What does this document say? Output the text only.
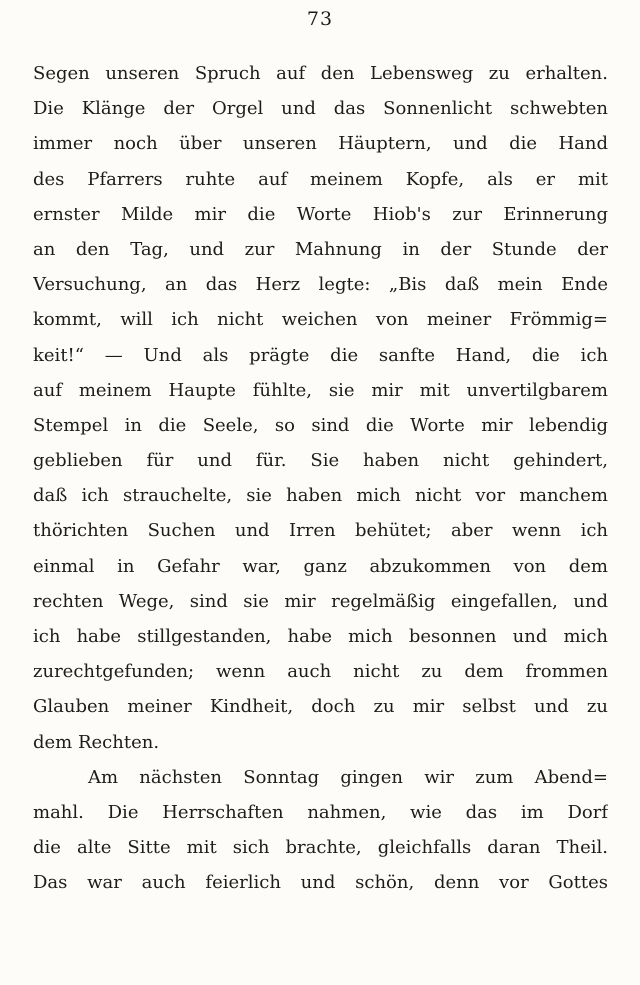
73
Segen unseren Spruch auf den Lebensweg zu erhalten.
Die Klänge der Orgel und das Sonnenlicht schwebten
immer noch über unseren Häuptern, und die Hand
des Pfarrers ruhte auf meinem Kopfe, als er mit
ernster Milde mir die Worte Hiob's zur Erinnerung
an den Tag, und zur Mahnung in der Stunde der
Versuchung, an das Herz legte: „Bis daß mein Ende
kommt, will ich nicht weichen von meiner Frömmig=
keit!“ — Und als prägte die sanfte Hand, die ich
auf meinem Haupte fühlte, sie mir mit unvertilgbarem
Stempel in die Seele, so sind die Worte mir lebendig
geblieben für und für. Sie haben nicht gehindert,
daß ich strauchelte, sie haben mich nicht vor manchem
thörichten Suchen und Irren behütet; aber wenn ich
einmal in Gefahr war, ganz abzukommen von dem
rechten Wege, sind sie mir regelmäßig eingefallen, und
ich habe stillgestanden, habe mich besonnen und mich
zurechtgefunden; wenn auch nicht zu dem frommen
Glauben meiner Kindheit, doch zu mir selbst und zu
dem Rechten.
Am nächsten Sonntag gingen wir zum Abend=
mahl. Die Herrschaften nahmen, wie das im Dorf
die alte Sitte mit sich brachte, gleichfalls daran Theil.
Das war auch feierlich und schön, denn vor Gottes
